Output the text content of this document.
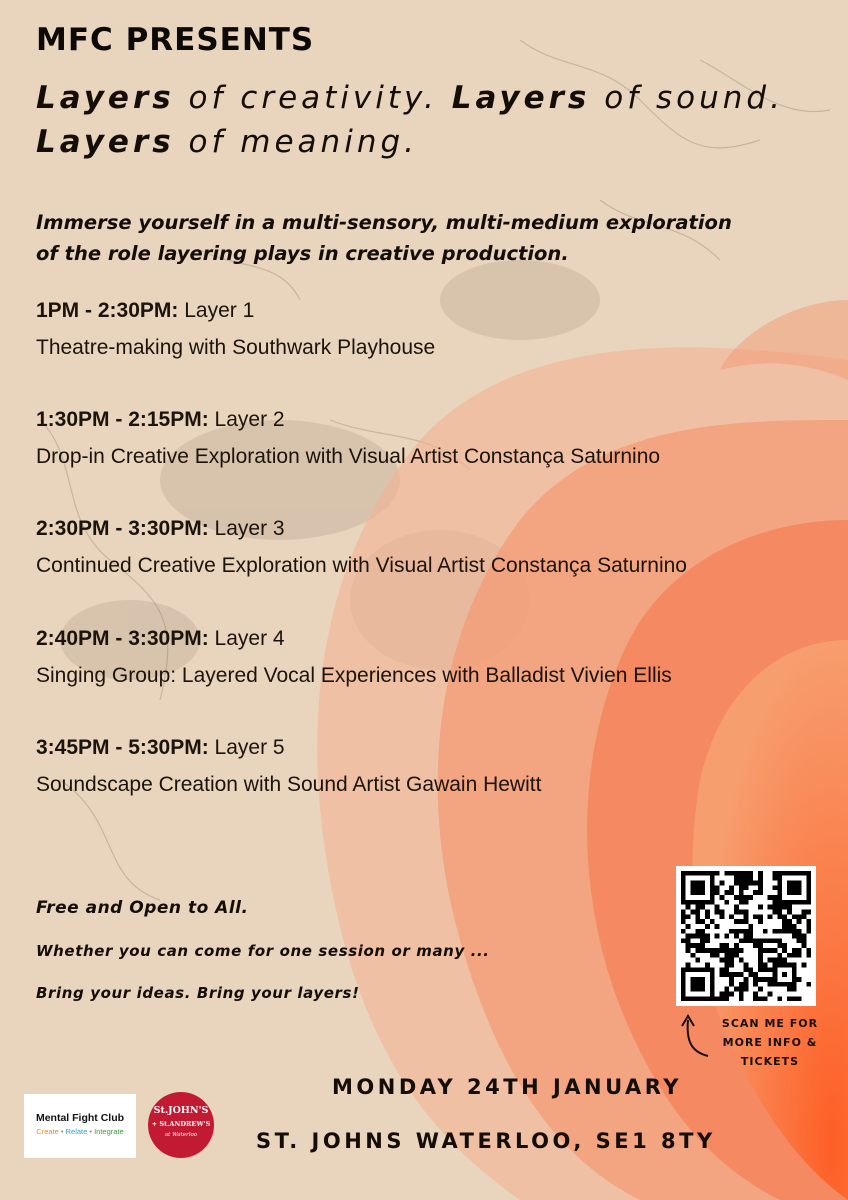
MFC PRESENTS
Layers of creativity. Layers of sound.
Layers of meaning.
Immerse yourself in a multi-sensory, multi-medium exploration
of the role layering plays in creative production.
1PM - 2:30PM: Layer 1
Theatre-making with Southwark Playhouse
1:30PM - 2:15PM: Layer 2
Drop-in Creative Exploration with Visual Artist Constança Saturnino
2:30PM - 3:30PM: Layer 3
Continued Creative Exploration with Visual Artist Constança Saturnino
2:40PM - 3:30PM: Layer 4
Singing Group: Layered Vocal Experiences with Balladist Vivien Ellis
3:45PM - 5:30PM: Layer 5
Soundscape Creation with Sound Artist Gawain Hewitt
Free and Open to All.
Whether you can come for one session or many ...
Bring your ideas. Bring your layers!
SCAN ME FOR
MORE INFO &
TICKETS
MONDAY 24TH JANUARY
ST. JOHNS WATERLOO, SE1 8TY
Mental Fight Club
Create • Relate • Integrate
St.JOHN'S
+ St.ANDREW'S
at Waterloo
